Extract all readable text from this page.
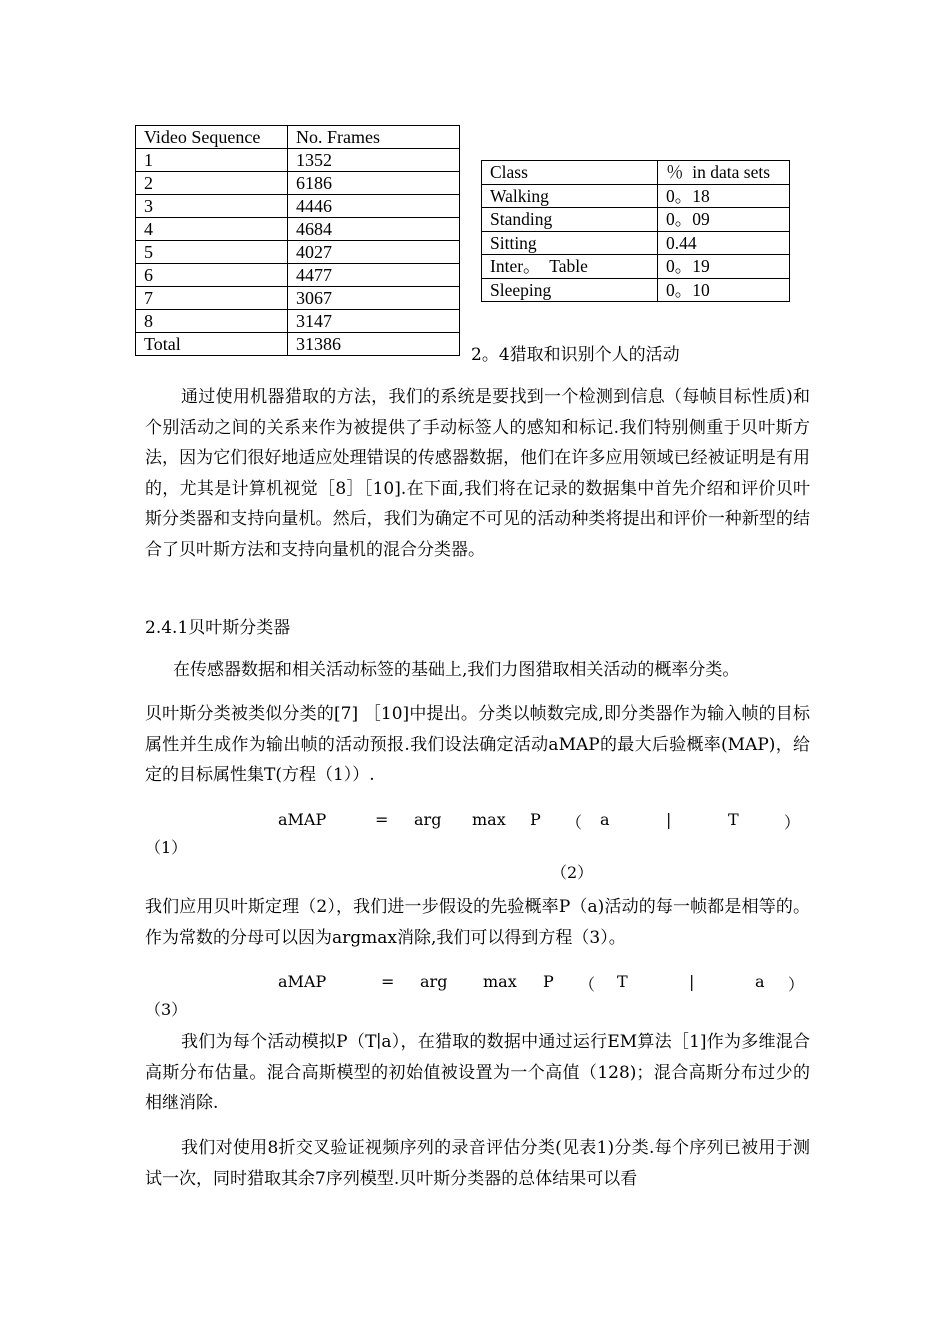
Video Sequence	No. Frames
1	1352
2	6186
3	4446
4	4684
5	4027
6	4477
7	3067
8	3147
Total	31386
Class	％  in data sets
Walking	0。18
Standing	0。09
Sitting	0.44
Inter。  Table	0。19
Sleeping	0。10
2。4猎取和识别个人的活动
通过使用机器猎取的方法，我们的系统是要找到一个检测到信息（每帧目标性质)和个别活动之间的关系来作为被提供了手动标签人的感知和标记.我们特别侧重于贝叶斯方法，因为它们很好地适应处理错误的传感器数据，他们在许多应用领域已经被证明是有用的，尤其是计算机视觉［8］［10].在下面,我们将在记录的数据集中首先介绍和评价贝叶斯分类器和支持向量机。然后，我们为确定不可见的活动种类将提出和评价一种新型的结合了贝叶斯方法和支持向量机的混合分类器。
2.4.1贝叶斯分类器
在传感器数据和相关活动标签的基础上,我们力图猎取相关活动的概率分类。
贝叶斯分类被类似分类的[7] ［10]中提出。分类以帧数完成,即分类器作为输入帧的目标属性并生成作为输出帧的活动预报.我们设法确定活动aMAP的最大后验概率(MAP)，给定的目标属性集T(方程（1））.
aMAP	= arg max P （ a	|	T	）
（1）
（2）
我们应用贝叶斯定理（2），我们进一步假设的先验概率P（a)活动的每一帧都是相等的。作为常数的分母可以因为argmax消除,我们可以得到方程（3）。
aMAP	= arg max P （ T	|	a ）
（3）
我们为每个活动模拟P（T∣a），在猎取的数据中通过运行EM算法［1]作为多维混合高斯分布估量。混合高斯模型的初始值被设置为一个高值（128)；混合高斯分布过少的相继消除.
我们对使用8折交叉验证视频序列的录音评估分类(见表1)分类.每个序列已被用于测试一次，同时猎取其余7序列模型.贝叶斯分类器的总体结果可以看
